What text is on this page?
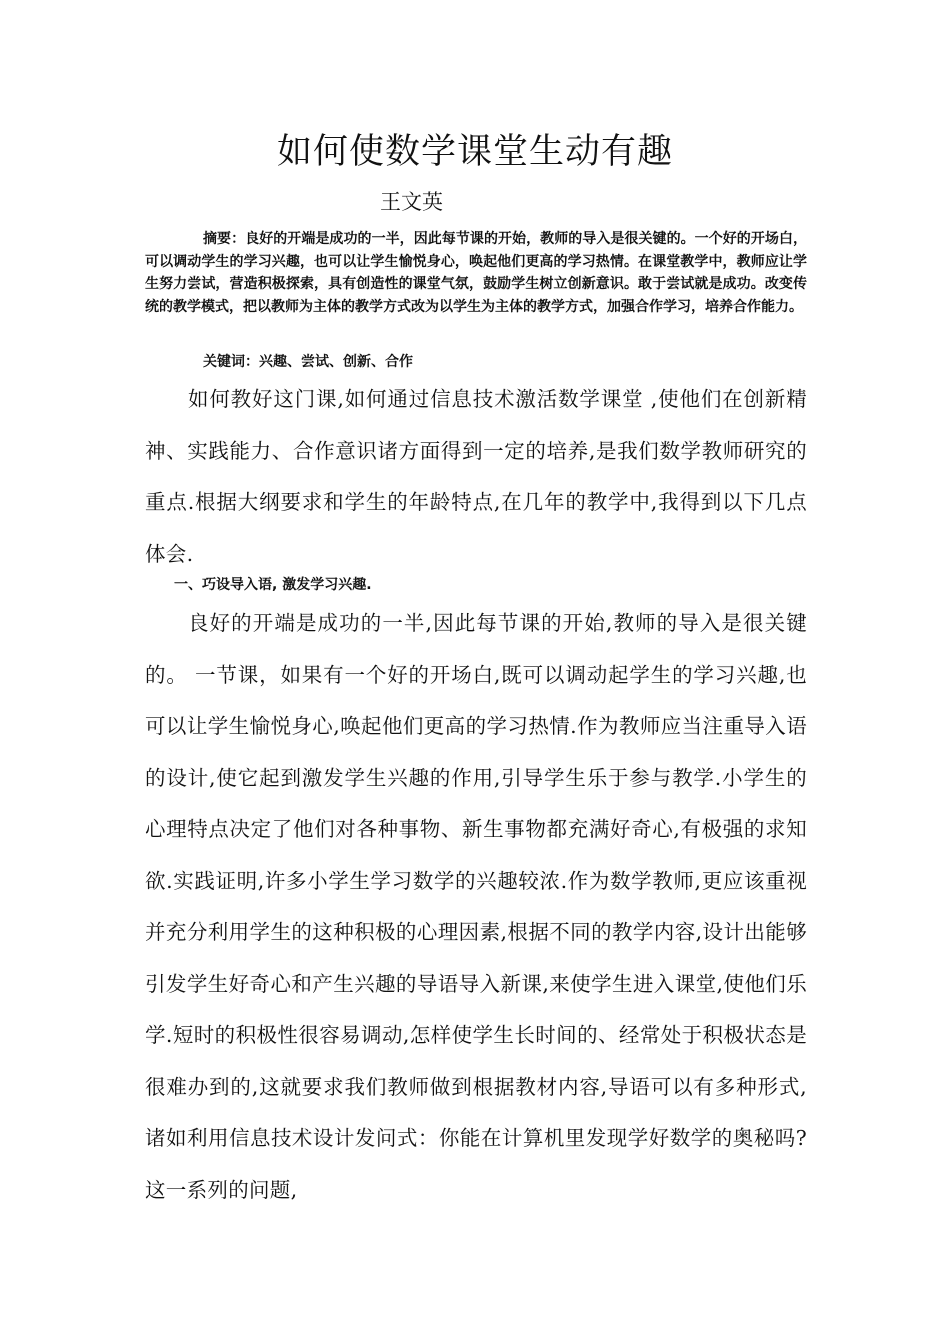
如何使数学课堂生动有趣
王文英

摘要：良好的开端是成功的一半，因此每节课的开始，教师的导入是很关键的。一个好的开场白，可以调动学生的学习兴趣，也可以让学生愉悦身心，唤起他们更高的学习热情。在课堂教学中，教师应让学生努力尝试，营造积极探索，具有创造性的课堂气氛，鼓励学生树立创新意识。敢于尝试就是成功。改变传统的教学模式，把以教师为主体的教学方式改为以学生为主体的教学方式，加强合作学习，培养合作能力。

关键词：兴趣、尝试、创新、合作

如何教好这门课,如何通过信息技术激活数学课堂 ,使他们在创新精神、实践能力、合作意识诸方面得到一定的培养,是我们数学教师研究的重点.根据大纲要求和学生的年龄特点,在几年的教学中,我得到以下几点体会.

一、巧设导入语, 激发学习兴趣.

良好的开端是成功的一半,因此每节课的开始,教师的导入是很关键的。 一节课，如果有一个好的开场白,既可以调动起学生的学习兴趣,也可以让学生愉悦身心,唤起他们更高的学习热情.作为教师应当注重导入语的设计,使它起到激发学生兴趣的作用,引导学生乐于参与教学.小学生的心理特点决定了他们对各种事物、新生事物都充满好奇心,有极强的求知欲.实践证明,许多小学生学习数学的兴趣较浓.作为数学教师,更应该重视并充分利用学生的这种积极的心理因素,根据不同的教学内容,设计出能够引发学生好奇心和产生兴趣的导语导入新课,来使学生进入课堂,使他们乐学.短时的积极性很容易调动,怎样使学生长时间的、经常处于积极状态是很难办到的,这就要求我们教师做到根据教材内容,导语可以有多种形式,诸如利用信息技术设计发问式：你能在计算机里发现学好数学的奥秘吗?这一系列的问题,
